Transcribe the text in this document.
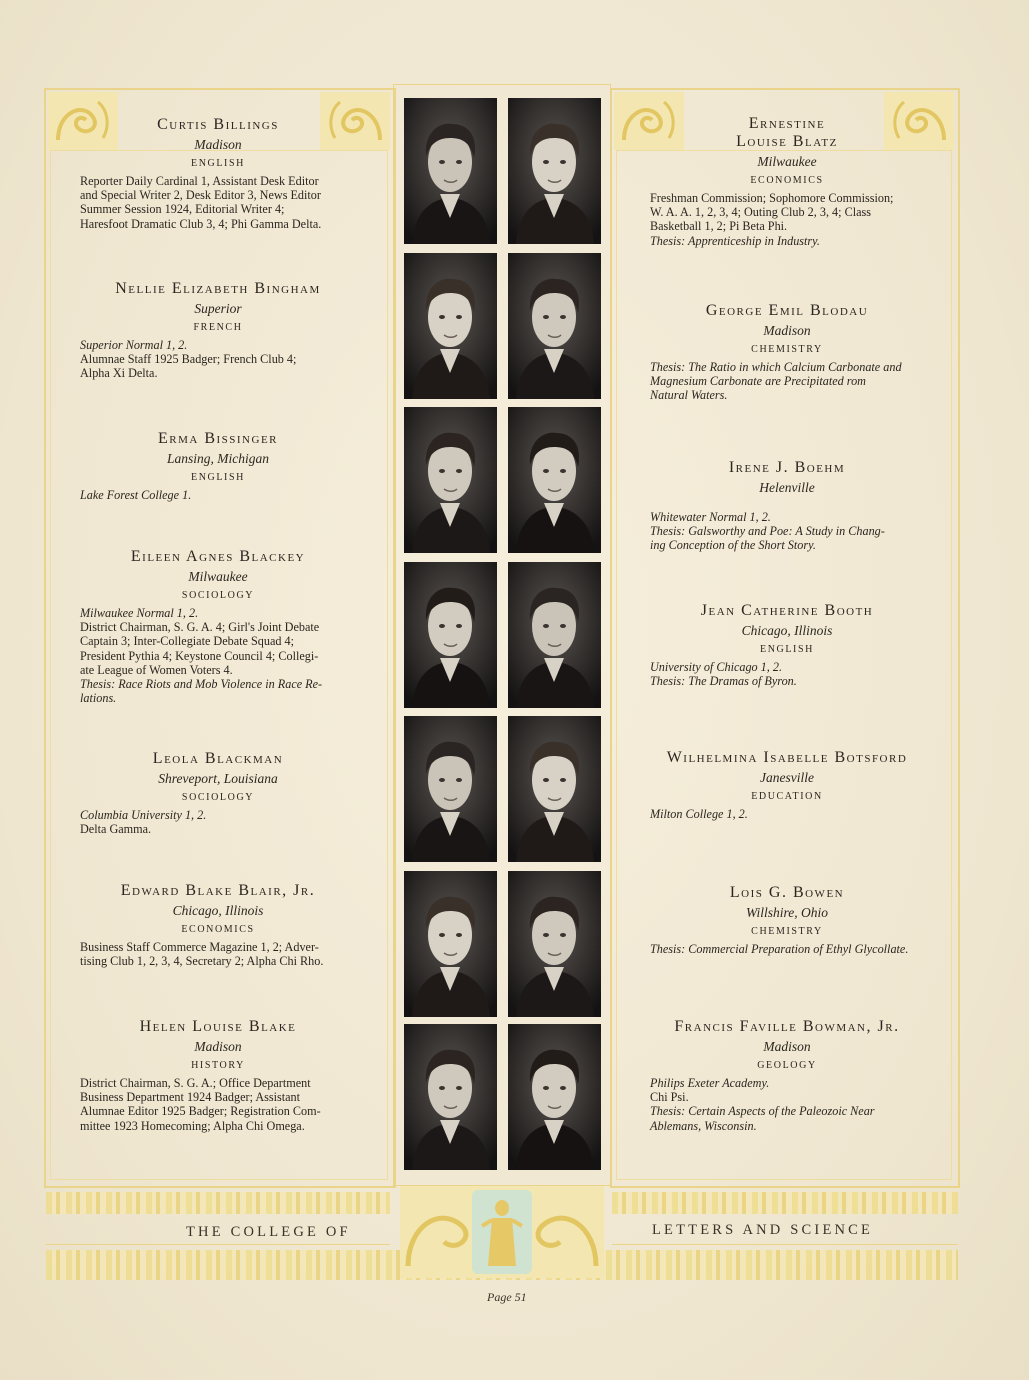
THE COLLEGE OF	LETTERS AND SCIENCE
Page 51
Curtis Billings
Madison
ENGLISH
Reporter Daily Cardinal 1, Assistant Desk Editor
and Special Writer 2, Desk Editor 3, News Editor
Summer Session 1924, Editorial Writer 4;
Haresfoot Dramatic Club 3, 4; Phi Gamma Delta.
Nellie Elizabeth Bingham
Superior
FRENCH
Superior Normal 1, 2.
Alumnae Staff 1925 Badger; French Club 4;
Alpha Xi Delta.
Erma Bissinger
Lansing, Michigan
ENGLISH
Lake Forest College 1.
Eileen Agnes Blackey
Milwaukee
SOCIOLOGY
Milwaukee Normal 1, 2.
District Chairman, S. G. A. 4; Girl's Joint Debate
Captain 3; Inter-Collegiate Debate Squad 4;
President Pythia 4; Keystone Council 4; Collegi-
ate League of Women Voters 4.
Thesis: Race Riots and Mob Violence in Race Re-
lations.
Leola Blackman
Shreveport, Louisiana
SOCIOLOGY
Columbia University 1, 2.
Delta Gamma.
Edward Blake Blair, Jr.
Chicago, Illinois
ECONOMICS
Business Staff Commerce Magazine 1, 2; Adver-
tising Club 1, 2, 3, 4, Secretary 2; Alpha Chi Rho.
Helen Louise Blake
Madison
HISTORY
District Chairman, S. G. A.; Office Department
Business Department 1924 Badger; Assistant
Alumnae Editor 1925 Badger; Registration Com-
mittee 1923 Homecoming; Alpha Chi Omega.
Ernestine
Louise Blatz
Milwaukee
ECONOMICS
Freshman Commission; Sophomore Commission;
W. A. A. 1, 2, 3, 4; Outing Club 2, 3, 4; Class
Basketball 1, 2; Pi Beta Phi.
Thesis: Apprenticeship in Industry.
George Emil Blodau
Madison
CHEMISTRY
Thesis: The Ratio in which Calcium Carbonate and
Magnesium Carbonate are Precipitated rom
Natural Waters.
Irene J. Boehm
Helenville
Whitewater Normal 1, 2.
Thesis: Galsworthy and Poe: A Study in Chang-
ing Conception of the Short Story.
Jean Catherine Booth
Chicago, Illinois
ENGLISH
University of Chicago 1, 2.
Thesis: The Dramas of Byron.
Wilhelmina Isabelle Botsford
Janesville
EDUCATION
Milton College 1, 2.
Lois G. Bowen
Willshire, Ohio
CHEMISTRY
Thesis: Commercial Preparation of Ethyl Glycollate.
Francis Faville Bowman, Jr.
Madison
GEOLOGY
Philips Exeter Academy.
Chi Psi.
Thesis: Certain Aspects of the Paleozoic Near
Ablemans, Wisconsin.
